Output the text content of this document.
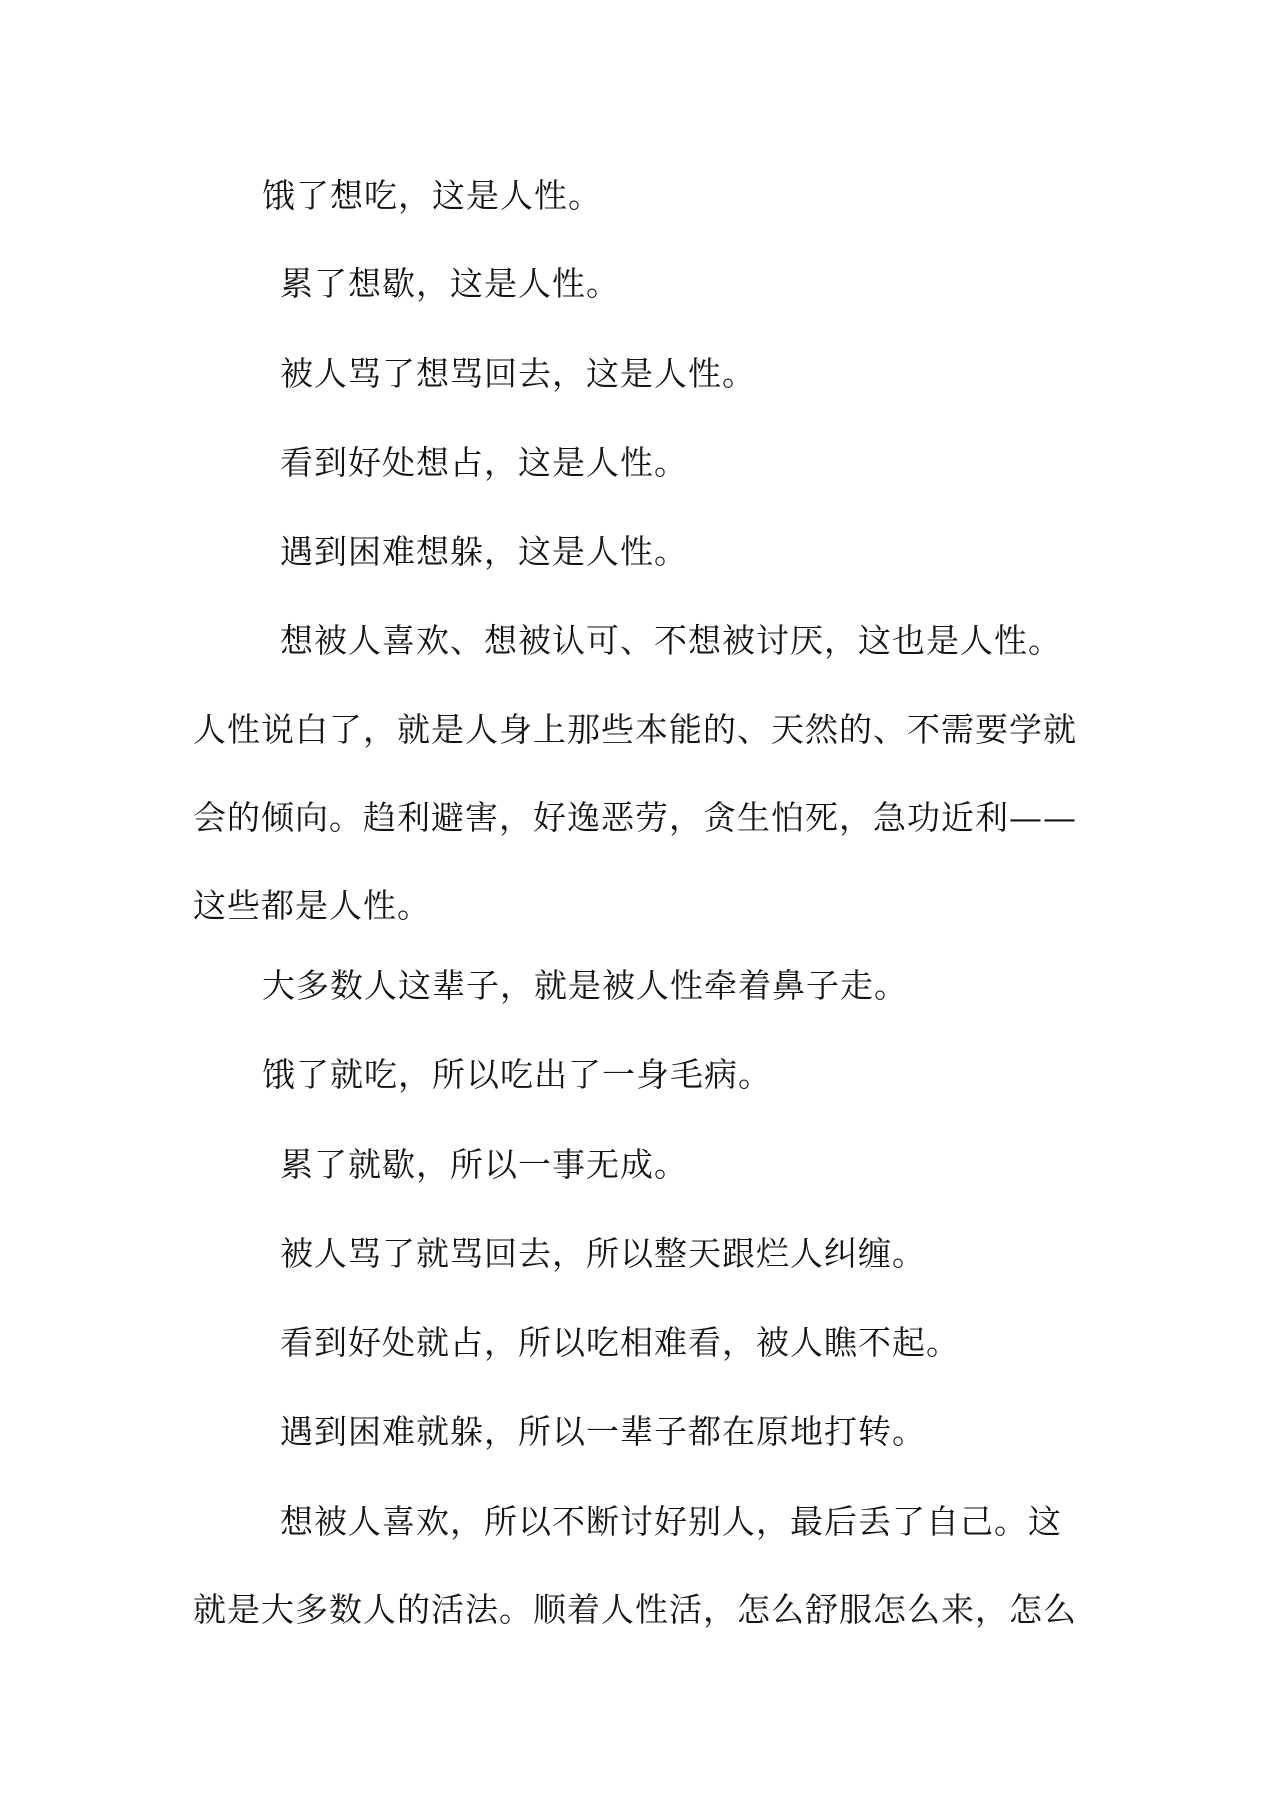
饿了想吃，这是人性。

累了想歇，这是人性。

被人骂了想骂回去，这是人性。

看到好处想占，这是人性。

遇到困难想躲，这是人性。

想被人喜欢、想被认可、不想被讨厌，这也是人性。

人性说白了，就是人身上那些本能的、天然的、不需要学就

会的倾向。趋利避害，好逸恶劳，贪生怕死，急功近利——

这些都是人性。

大多数人这辈子，就是被人性牵着鼻子走。

饿了就吃，所以吃出了一身毛病。

累了就歇，所以一事无成。

被人骂了就骂回去，所以整天跟烂人纠缠。

看到好处就占，所以吃相难看，被人瞧不起。

遇到困难就躲，所以一辈子都在原地打转。

想被人喜欢，所以不断讨好别人，最后丢了自己。这

就是大多数人的活法。顺着人性活，怎么舒服怎么来，怎么
